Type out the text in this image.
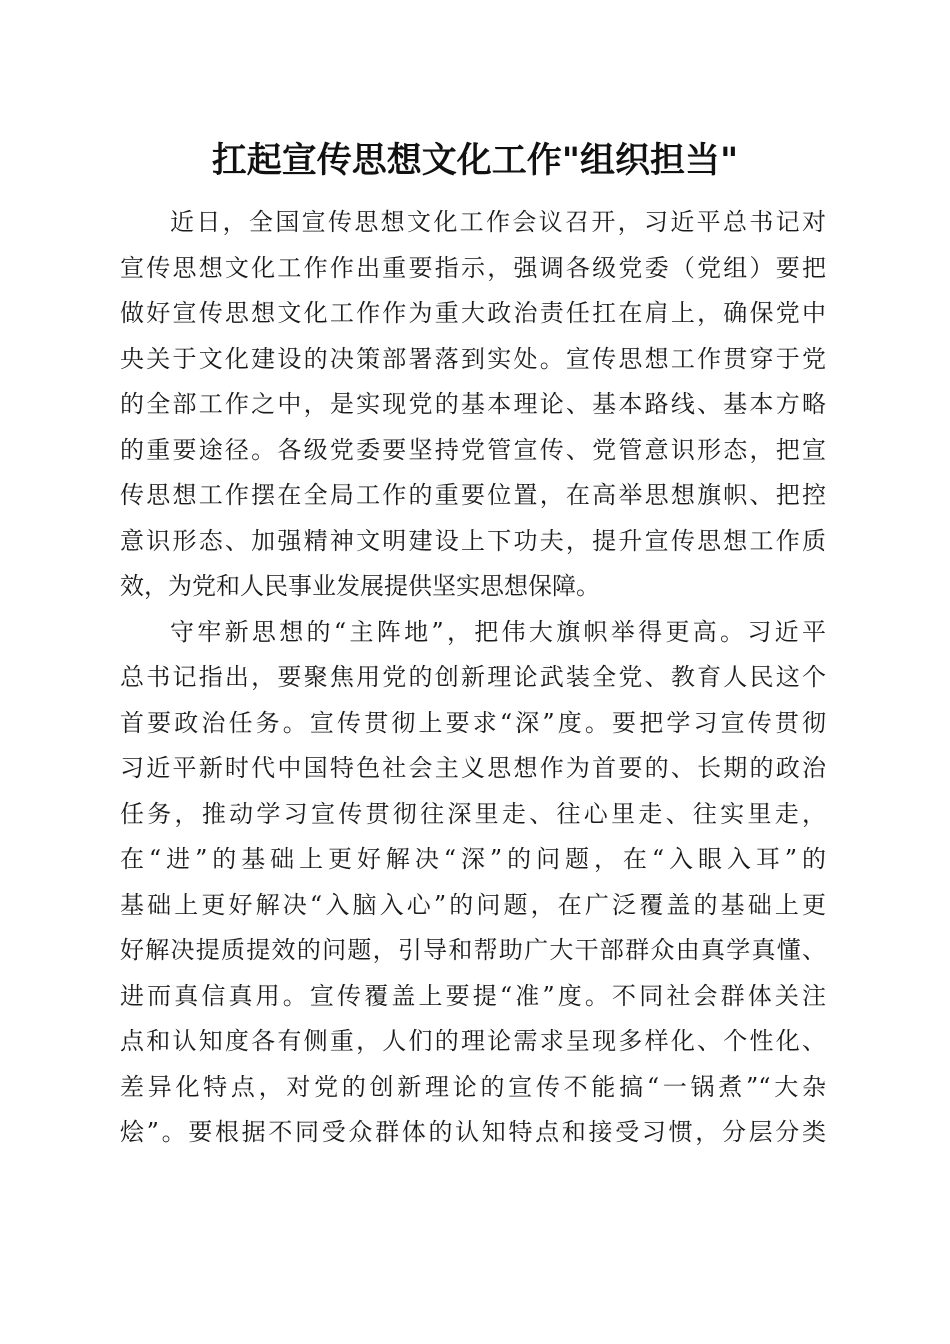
扛起宣传思想文化工作"组织担当"
近日，全国宣传思想文化工作会议召开，习近平总书记对
宣传思想文化工作作出重要指示，强调各级党委（党组）要把
做好宣传思想文化工作作为重大政治责任扛在肩上，确保党中
央关于文化建设的决策部署落到实处。宣传思想工作贯穿于党
的全部工作之中，是实现党的基本理论、基本路线、基本方略
的重要途径。各级党委要坚持党管宣传、党管意识形态，把宣
传思想工作摆在全局工作的重要位置，在高举思想旗帜、把控
意识形态、加强精神文明建设上下功夫，提升宣传思想工作质
效，为党和人民事业发展提供坚实思想保障。
守牢新思想的“主阵地”，把伟大旗帜举得更高。习近平
总书记指出，要聚焦用党的创新理论武装全党、教育人民这个
首要政治任务。宣传贯彻上要求“深”度。要把学习宣传贯彻
习近平新时代中国特色社会主义思想作为首要的、长期的政治
任务，推动学习宣传贯彻往深里走、往心里走、往实里走，
在“进”的基础上更好解决“深”的问题，在“入眼入耳”的
基础上更好解决“入脑入心”的问题，在广泛覆盖的基础上更
好解决提质提效的问题，引导和帮助广大干部群众由真学真懂、
进而真信真用。宣传覆盖上要提“准”度。不同社会群体关注
点和认知度各有侧重，人们的理论需求呈现多样化、个性化、
差异化特点，对党的创新理论的宣传不能搞“一锅煮”“大杂
烩”。要根据不同受众群体的认知特点和接受习惯，分层分类
